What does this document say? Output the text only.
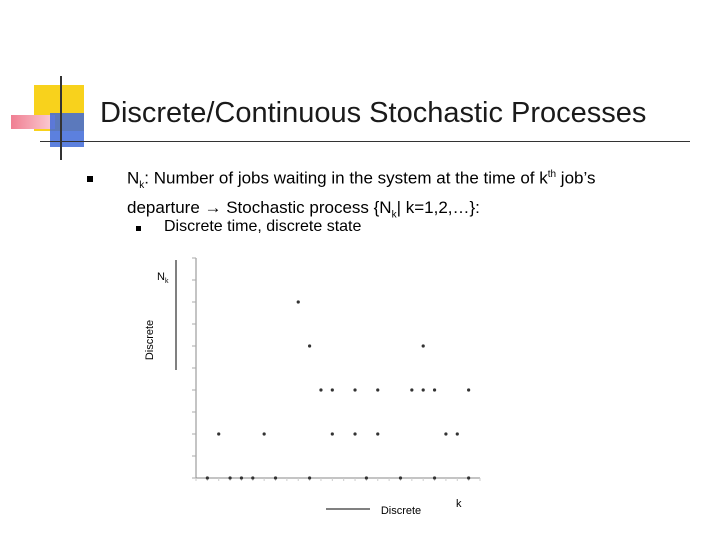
Discrete/Continuous Stochastic Processes
$N_k$: Number of jobs waiting in the system at the time of $k^{th}$ job’s
departure → Stochastic process {$N_k|$ k=1,2,…}:
Discrete time, discrete state
Discrete
N k
Discrete
k
